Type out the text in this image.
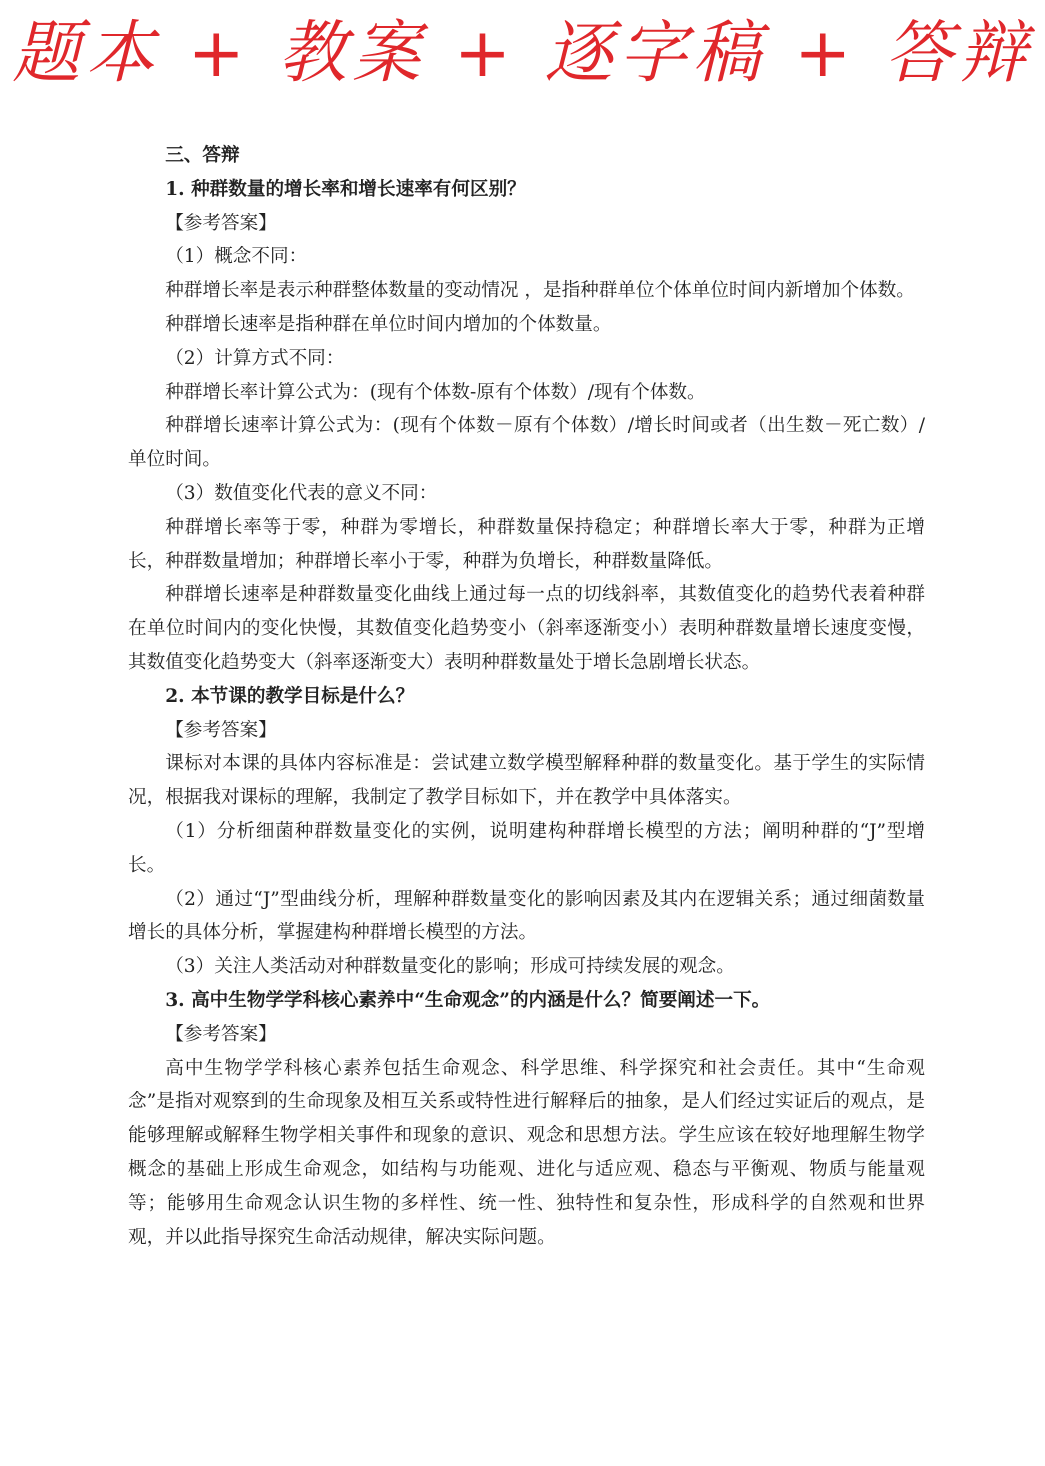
题本 + 教案 + 逐字稿 + 答辩

三、答辩

1. 种群数量的增长率和增长速率有何区别？

【参考答案】

（1）概念不同：

种群增长率是表示种群整体数量的变动情况 ，是指种群单位个体单位时间内新增加个体数。

种群增长速率是指种群在单位时间内增加的个体数量。

（2）计算方式不同：

种群增长率计算公式为：(现有个体数-原有个体数）/现有个体数。

种群增长速率计算公式为：(现有个体数－原有个体数）/增长时间或者（出生数－死亡数）/单位时间。

（3）数值变化代表的意义不同：

种群增长率等于零，种群为零增长，种群数量保持稳定；种群增长率大于零，种群为正增长，种群数量增加；种群增长率小于零，种群为负增长，种群数量降低。

种群增长速率是种群数量变化曲线上通过每一点的切线斜率，其数值变化的趋势代表着种群在单位时间内的变化快慢，其数值变化趋势变小（斜率逐渐变小）表明种群数量增长速度变慢，其数值变化趋势变大（斜率逐渐变大）表明种群数量处于增长急剧增长状态。

2. 本节课的教学目标是什么？

【参考答案】

课标对本课的具体内容标准是：尝试建立数学模型解释种群的数量变化。基于学生的实际情况，根据我对课标的理解，我制定了教学目标如下，并在教学中具体落实。

（1）分析细菌种群数量变化的实例，说明建构种群增长模型的方法；阐明种群的“J”型增长。

（2）通过“J”型曲线分析，理解种群数量变化的影响因素及其内在逻辑关系；通过细菌数量增长的具体分析，掌握建构种群增长模型的方法。

（3）关注人类活动对种群数量变化的影响；形成可持续发展的观念。

3. 高中生物学学科核心素养中“生命观念”的内涵是什么？简要阐述一下。

【参考答案】

高中生物学学科核心素养包括生命观念、科学思维、科学探究和社会责任。其中“生命观念”是指对观察到的生命现象及相互关系或特性进行解释后的抽象，是人们经过实证后的观点，是能够理解或解释生物学相关事件和现象的意识、观念和思想方法。学生应该在较好地理解生物学概念的基础上形成生命观念，如结构与功能观、进化与适应观、稳态与平衡观、物质与能量观等；能够用生命观念认识生物的多样性、统一性、独特性和复杂性，形成科学的自然观和世界观，并以此指导探究生命活动规律，解决实际问题。
